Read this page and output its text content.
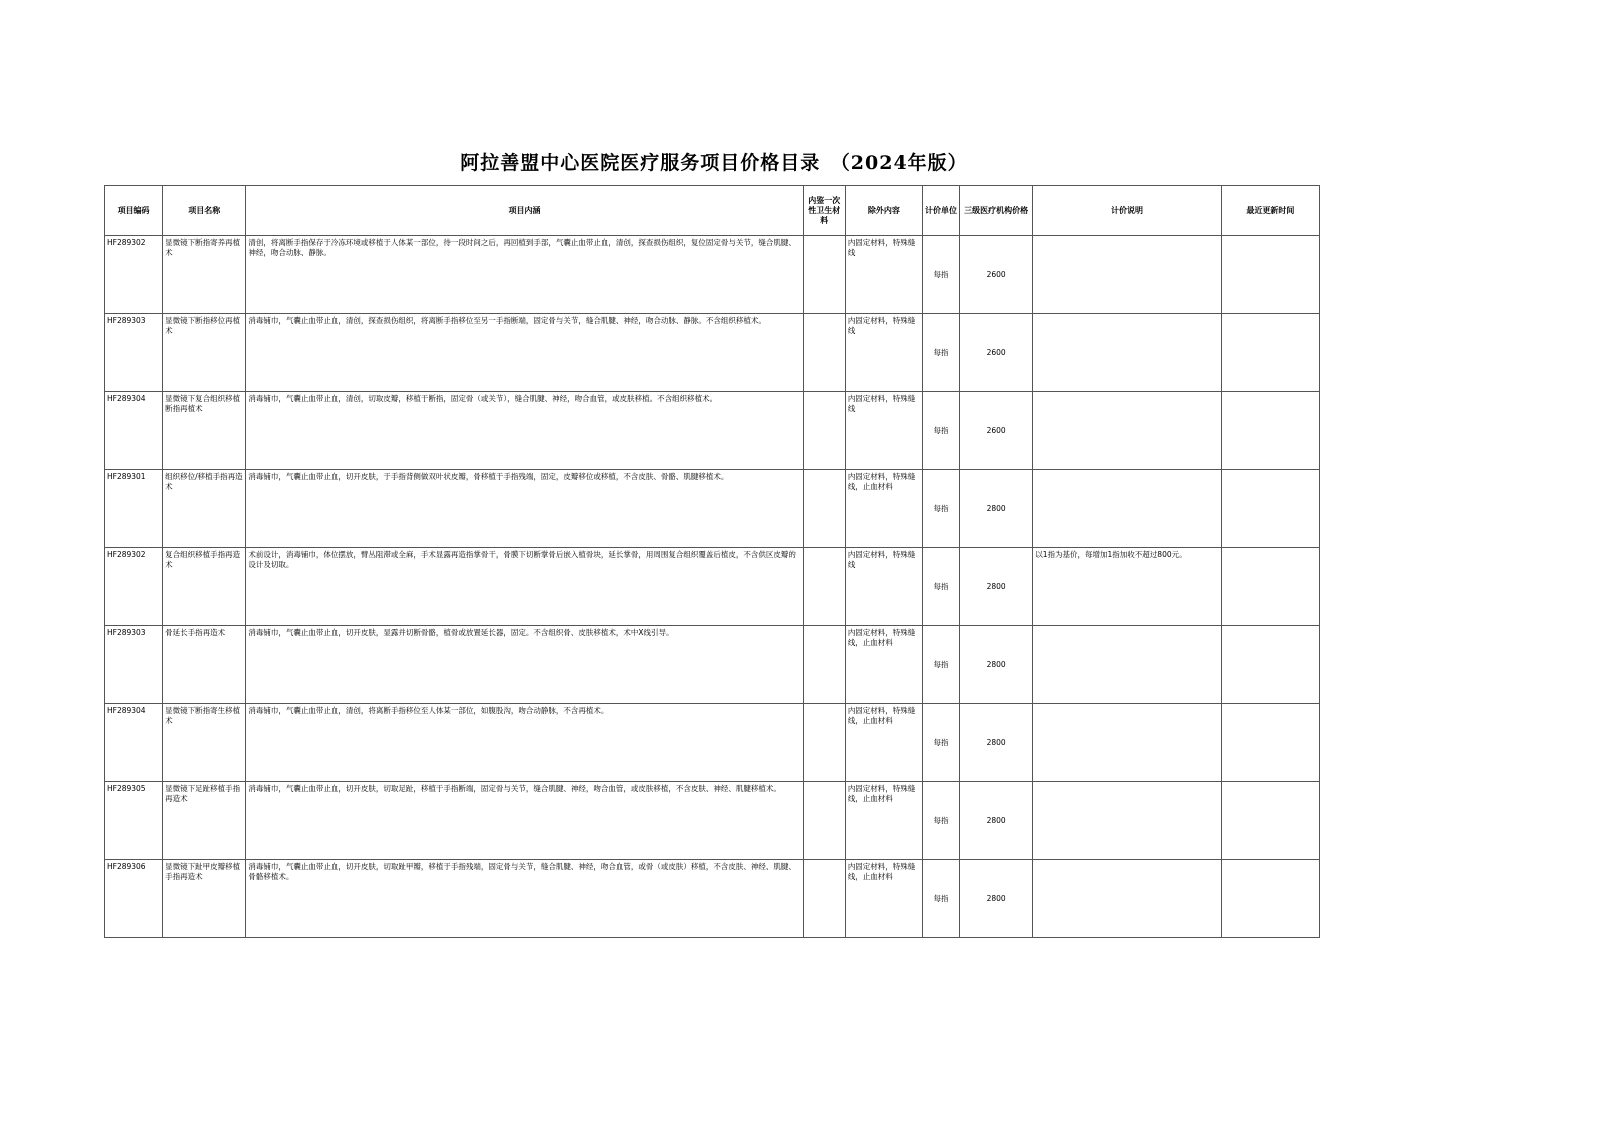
阿拉善盟中心医院医疗服务项目价格目录　（2024年版）
项目编码	项目名称	项目内涵	内鉴一次性卫生材料	除外内容	计价单位	三级医疗机构价格	计价说明	最近更新时间
HF289302	显微镜下断指寄养再植术	清创，将离断手指保存于冷冻环境或移植于人体某一部位，待一段时间之后，再回植到手部，气囊止血带止血，清创，探查损伤组织，复位固定骨与关节，缝合肌腱、神经，吻合动脉、静脉。		内固定材料，特殊缝线	每指	2600		
HF289303	显微镜下断指移位再植术	消毒铺巾，气囊止血带止血，清创，探查损伤组织，将离断手指移位至另一手指断端，固定骨与关节，缝合肌腱、神经，吻合动脉、静脉。不含组织移植术。		内固定材料，特殊缝线	每指	2600		
HF289304	显微镜下复合组织移植断指再植术	消毒铺巾，气囊止血带止血，清创，切取皮瓣，移植于断指，固定骨（或关节），缝合肌腱、神经，吻合血管，或皮肤移植。不含组织移植术。		内固定材料，特殊缝线	每指	2600		
HF289301	组织移位/移植手指再造术	消毒铺巾，气囊止血带止血，切开皮肤，于手指背侧做双叶状皮瓣，骨移植于手指残端，固定，皮瓣移位或移植，不含皮肤、骨骼、肌腱移植术。		内固定材料，特殊缝线，止血材料	每指	2800		
HF289302	复合组织移植手指再造术	术前设计，消毒铺巾，体位摆放，臂丛阻滞或全麻，手术显露再造指掌骨干，骨膜下切断掌骨后嵌入植骨块，延长掌骨，用周围复合组织覆盖后植皮，不含供区皮瓣的设计及切取。		内固定材料，特殊缝线	每指	2800	以1指为基价，每增加1指加收不超过800元。	
HF289303	骨延长手指再造术	消毒铺巾，气囊止血带止血，切开皮肤，显露并切断骨骼，植骨或放置延长器，固定。不含组织骨、皮肤移植术，术中X线引导。		内固定材料，特殊缝线，止血材料	每指	2800		
HF289304	显微镜下断指寄生移植术	消毒铺巾，气囊止血带止血，清创，将离断手指移位至人体某一部位，如腹股沟，吻合动静脉，不含再植术。		内固定材料，特殊缝线，止血材料	每指	2800		
HF289305	显微镜下足趾移植手指再造术	消毒铺巾，气囊止血带止血，切开皮肤，切取足趾，移植于手指断端，固定骨与关节，缝合肌腱、神经，吻合血管，或皮肤移植，不含皮肤、神经、肌腱移植术。		内固定材料，特殊缝线，止血材料	每指	2800		
HF289306	显微镜下趾甲皮瓣移植手指再造术	消毒铺巾，气囊止血带止血，切开皮肤，切取趾甲瓣，移植于手指残端，固定骨与关节，缝合肌腱、神经，吻合血管，或骨（或皮肤）移植，不含皮肤、神经、肌腱、骨骼移植术。		内固定材料，特殊缝线，止血材料	每指	2800		
